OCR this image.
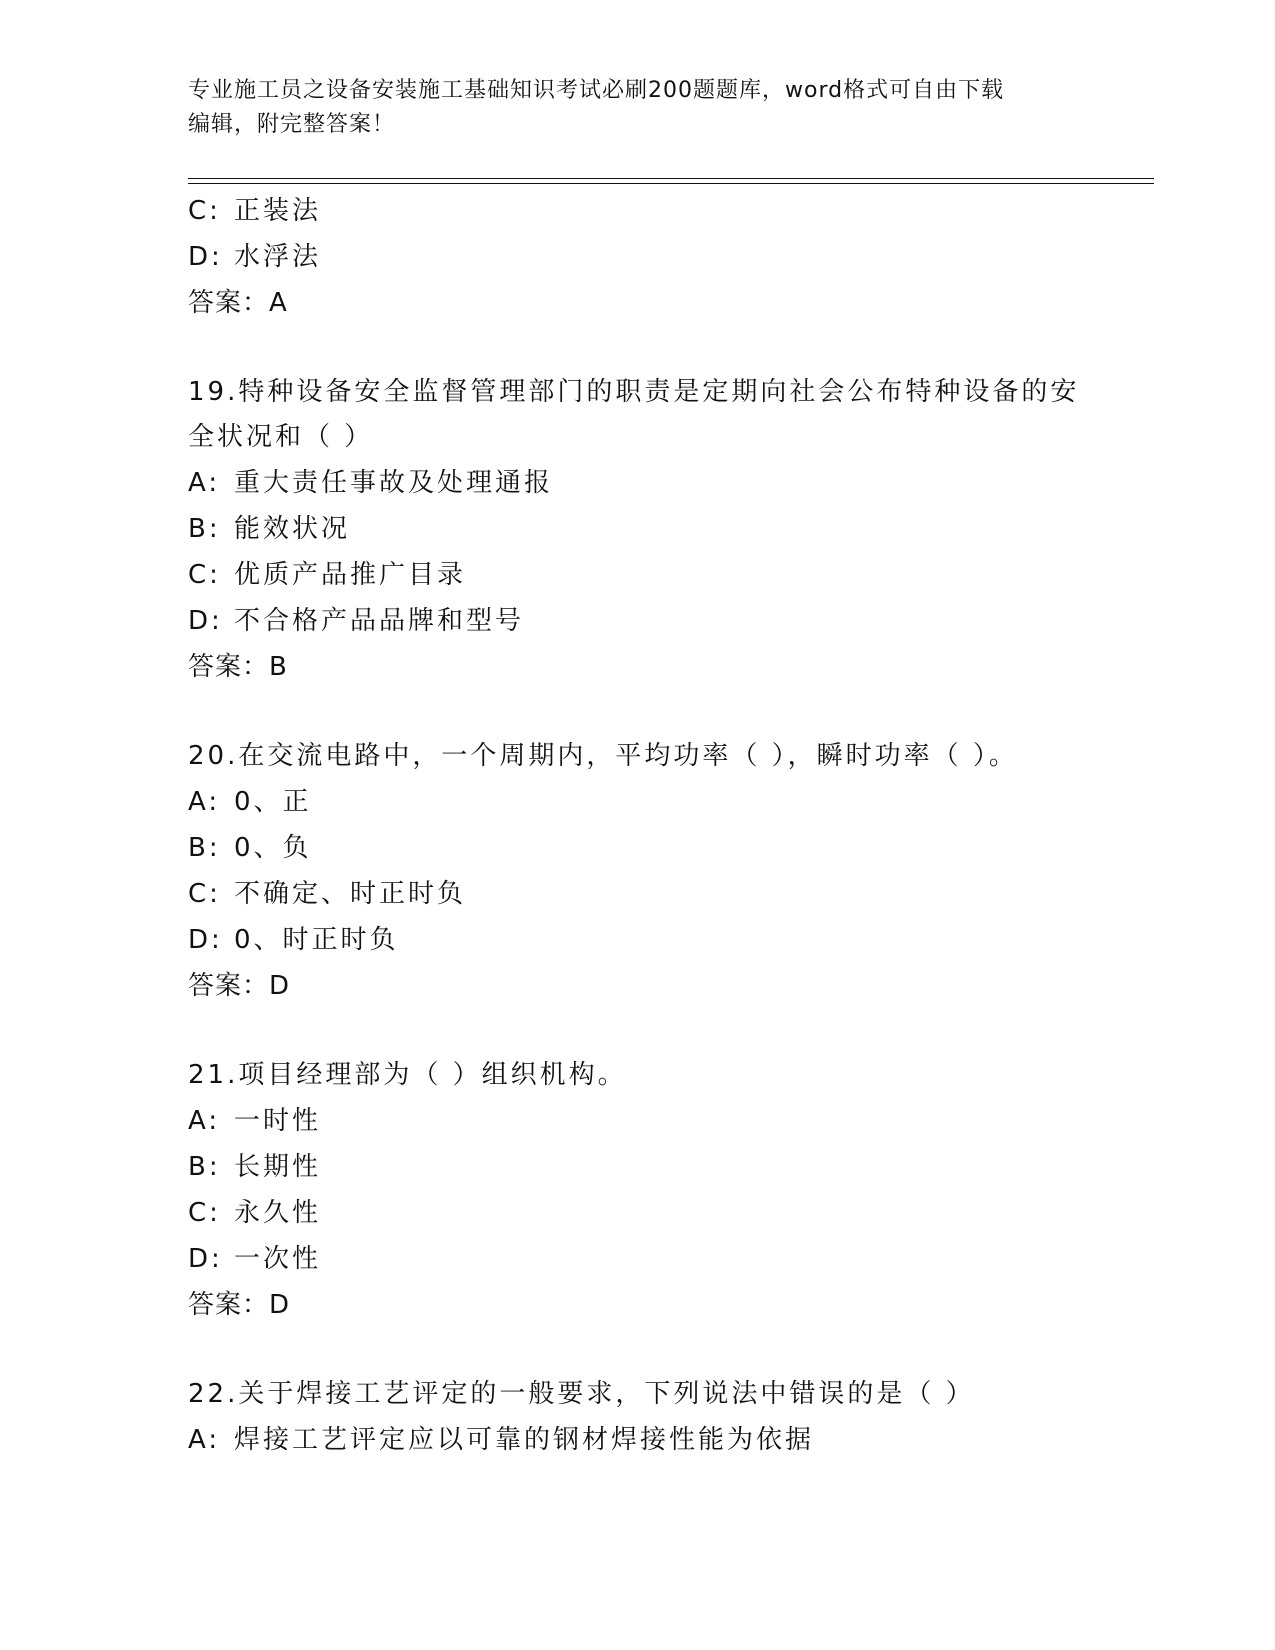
专业施工员之设备安装施工基础知识考试必刷200题题库，word格式可自由下载
编辑，附完整答案！
C: 正装法
D: 水浮法
答案：A
19.特种设备安全监督管理部门的职责是定期向社会公布特种设备的安
全状况和（ ）
A: 重大责任事故及处理通报
B: 能效状况
C: 优质产品推广目录
D: 不合格产品品牌和型号
答案：B
20.在交流电路中，一个周期内，平均功率（ ），瞬时功率（ ）。
A: 0、正
B: 0、负
C: 不确定、时正时负
D: 0、时正时负
答案：D
21.项目经理部为（ ）组织机构。
A: 一时性
B: 长期性
C: 永久性
D: 一次性
答案：D
22.关于焊接工艺评定的一般要求，下列说法中错误的是（ ）
A: 焊接工艺评定应以可靠的钢材焊接性能为依据
